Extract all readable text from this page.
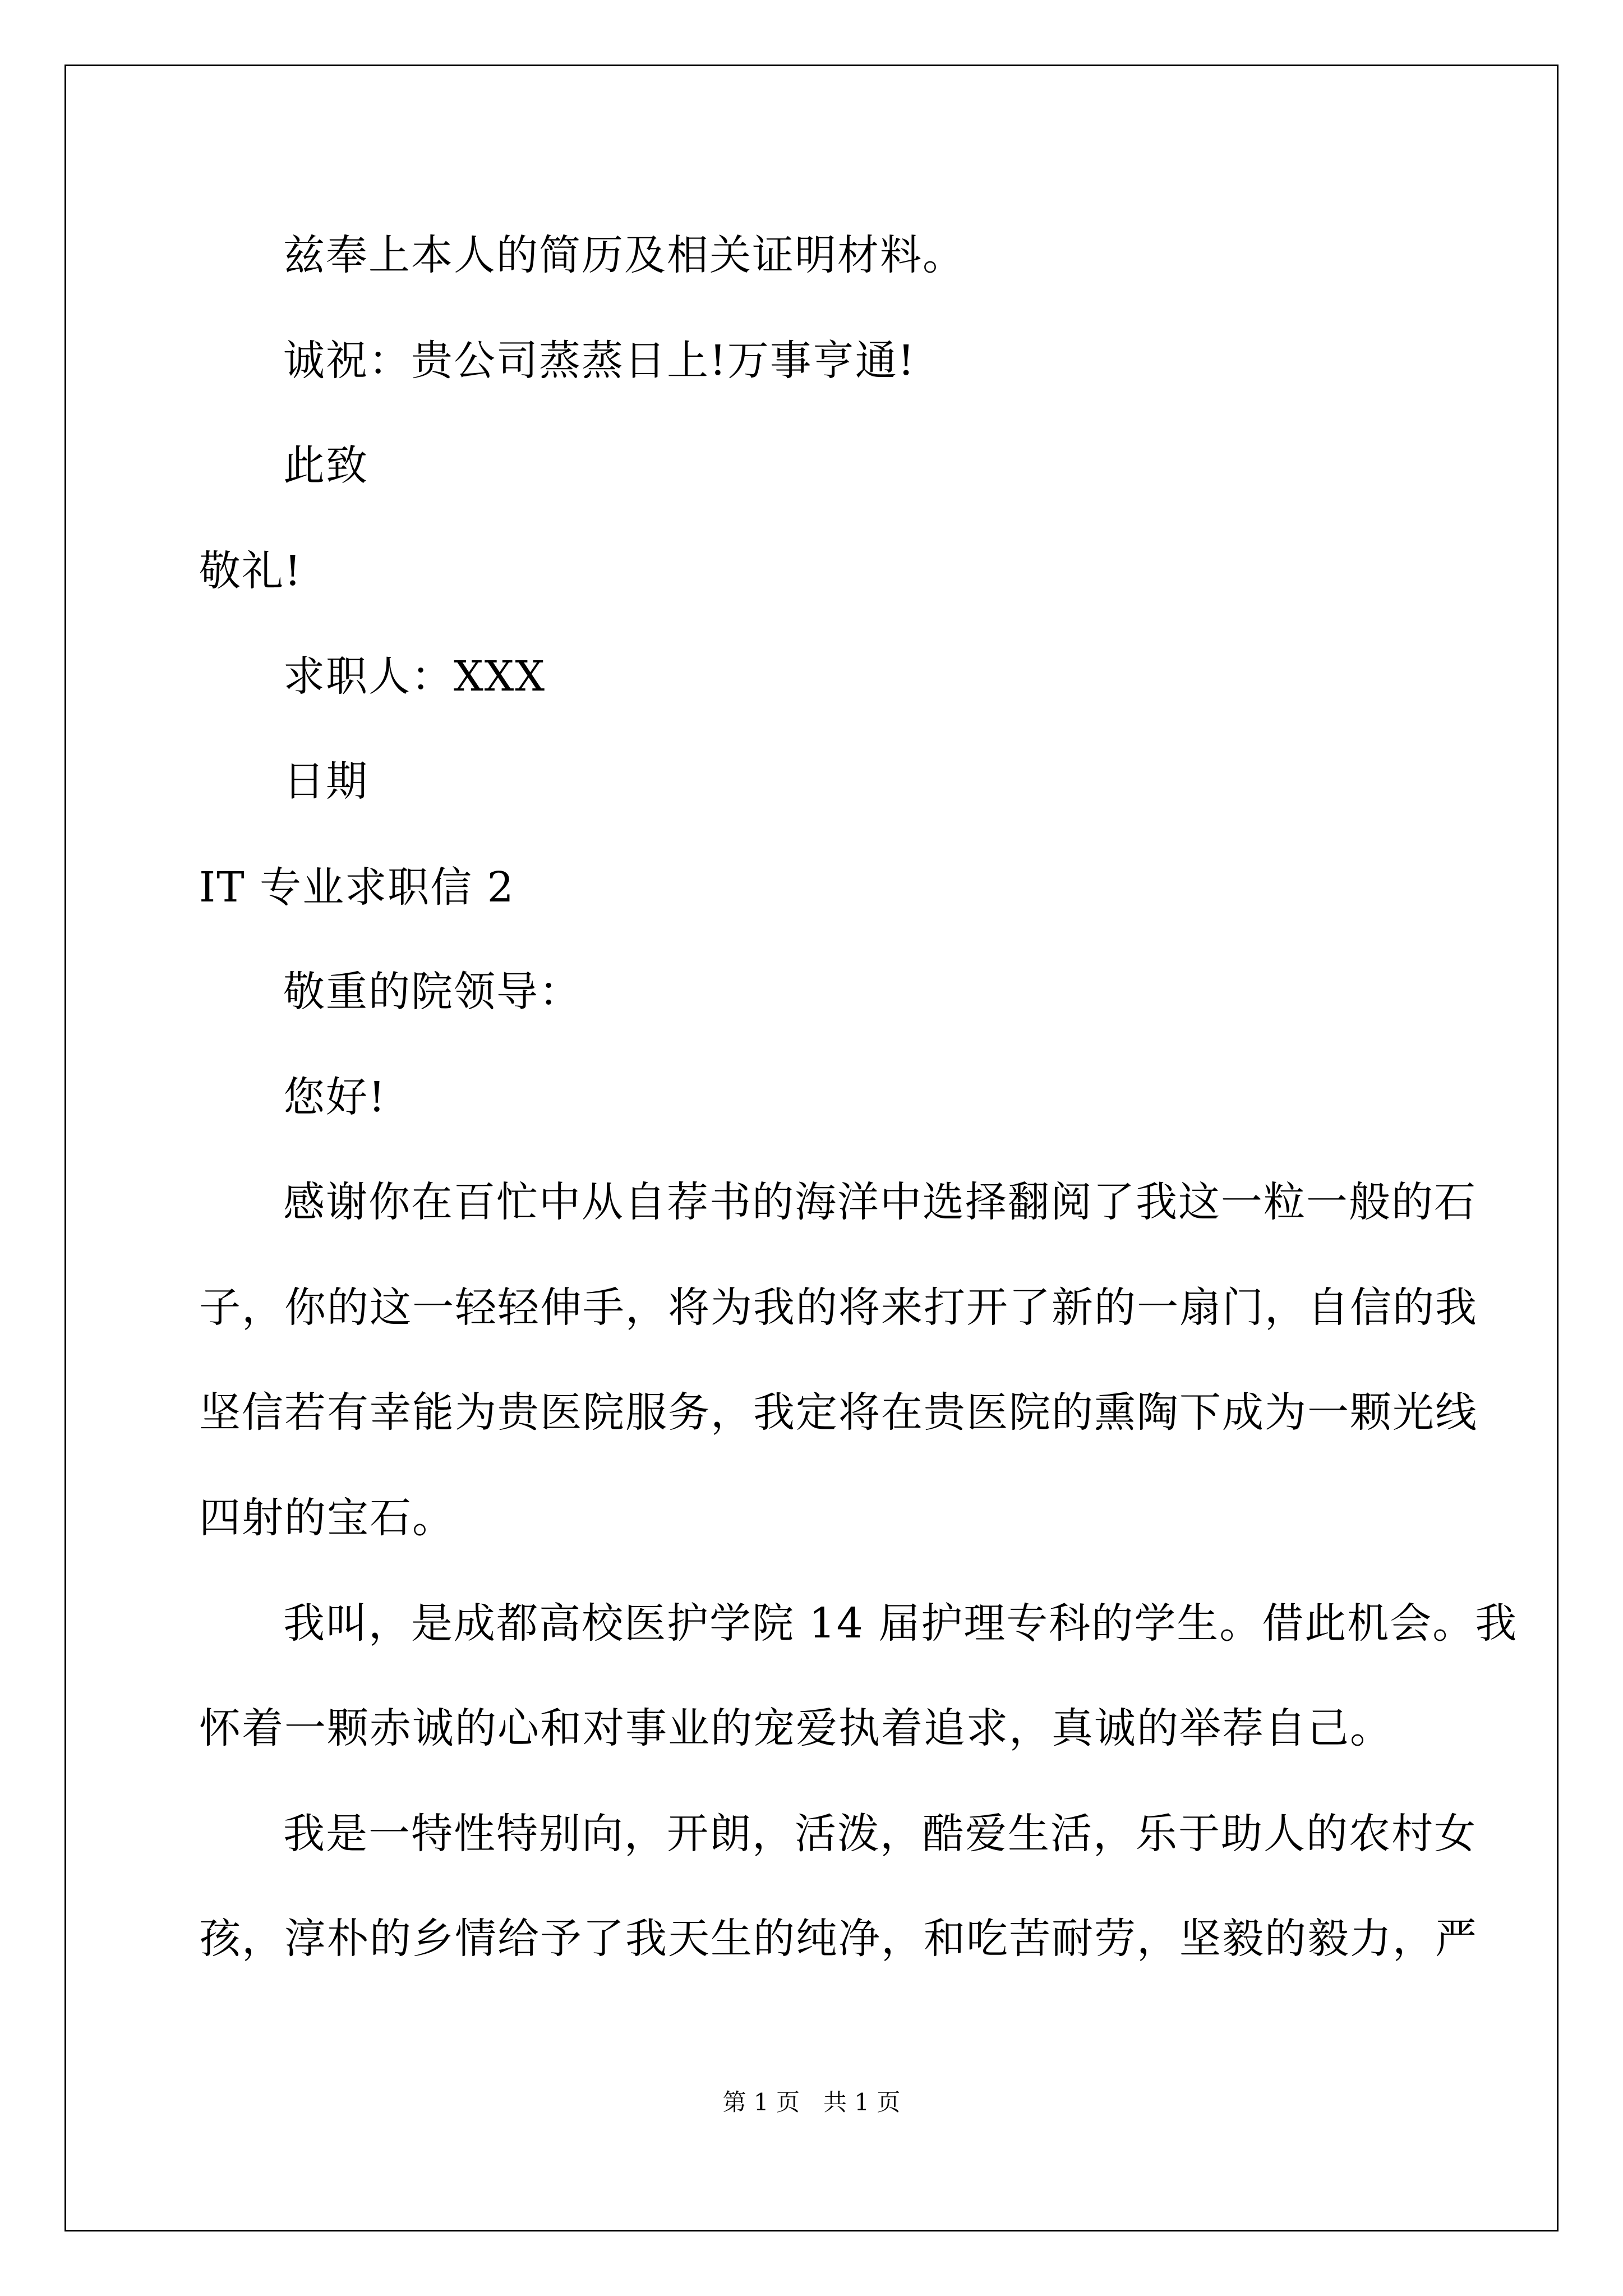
兹奉上本人的简历及相关证明材料。
诚祝：贵公司蒸蒸日上!万事亨通!
此致
敬礼!
求职人：XXX
日期
IT 专业求职信 2
敬重的院领导：
您好!
感谢你在百忙中从自荐书的海洋中选择翻阅了我这一粒一般的石
子，你的这一轻轻伸手，将为我的将来打开了新的一扇门，自信的我
坚信若有幸能为贵医院服务，我定将在贵医院的熏陶下成为一颗光线
四射的宝石。
我叫，是成都高校医护学院 14 届护理专科的学生。借此机会。我
怀着一颗赤诚的心和对事业的宠爱执着追求，真诚的举荐自己。
我是一特性特别向，开朗，活泼，酷爱生活，乐于助人的农村女
孩，淳朴的乡情给予了我天生的纯净，和吃苦耐劳，坚毅的毅力，严
第 1 页　共 1 页
